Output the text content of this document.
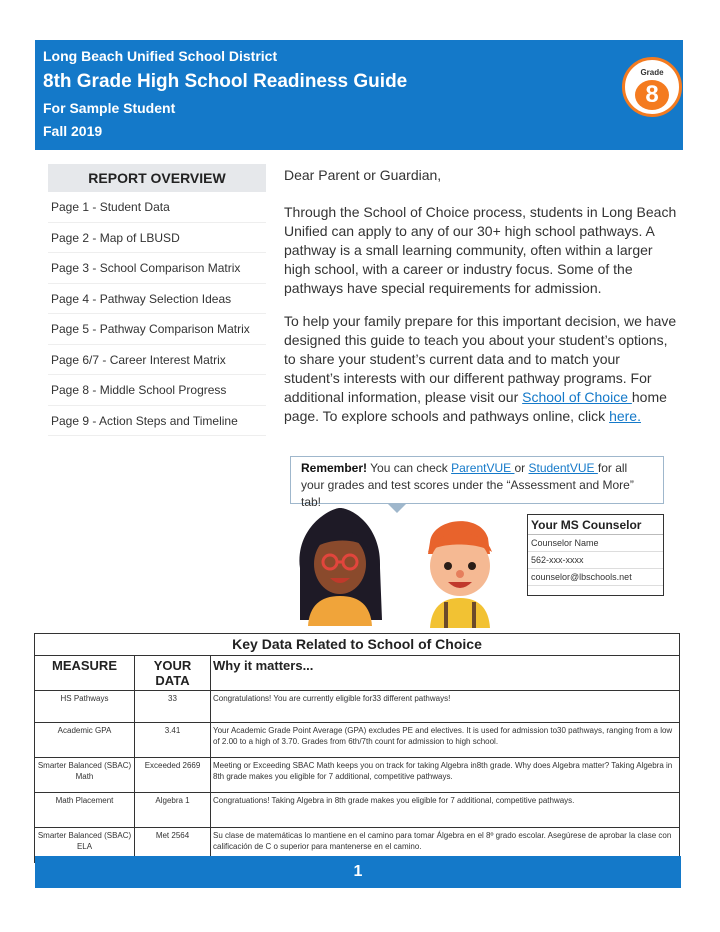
Long Beach Unified School District
8th Grade High School Readiness Guide
For Sample Student
Fall 2019
Grade
8
REPORT OVERVIEW
Page 1 - Student Data
Page 2 - Map of LBUSD
Page 3 - School Comparison Matrix
Page 4 - Pathway Selection Ideas
Page 5 - Pathway Comparison Matrix
Page 6/7 - Career Interest Matrix
Page 8 - Middle School Progress
Page 9 - Action Steps and Timeline

Dear Parent or Guardian,

Through the School of Choice process, students in Long Beach Unified can apply to any of our 30+ high school pathways. A pathway is a small learning community, often within a larger high school, with a career or industry focus. Some of the pathways have special requirements for admission.

To help your family prepare for this important decision, we have designed this guide to teach you about your student’s options, to share your student’s current data and to match your student’s interests with our different pathway programs. For additional information, please visit our School of Choice home page. To explore schools and pathways online, click here.

Remember! You can check ParentVUE or StudentVUE for all your grades and test scores under the “Assessment and More” tab!
Your MS Counselor
Counselor Name
562-xxx-xxxx
counselor@lbschools.net
Key Data Related to School of Choice		
MEASURE	YOUR DATA	Why it matters...
HS Pathways	33	Congratulations! You are currently eligible for33 different pathways!
Academic GPA	3.41	Your Academic Grade Point Average (GPA) excludes PE and electives. It is used for admission to30 pathways, ranging from a low of 2.00 to a high of 3.70. Grades from 6th/7th count for admission to high school.
Smarter Balanced (SBAC) Math	Exceeded 2669	Meeting or Exceeding SBAC Math keeps you on track for taking Algebra in8th grade. Why does Algebra matter? Taking Algebra in 8th grade makes you eligible for 7 additional, competitive pathways.
Math Placement	Algebra 1	Congratuations! Taking Algebra in 8th grade makes you eligible for 7 additional, competitive pathways.
Smarter Balanced (SBAC) ELA	Met 2564	Su clase de matemáticas lo mantiene en el camino para tomar Álgebra en el 8º grado escolar. Asegúrese de aprobar la clase con calificación de C o superior para mantenerse en el camino.
1
